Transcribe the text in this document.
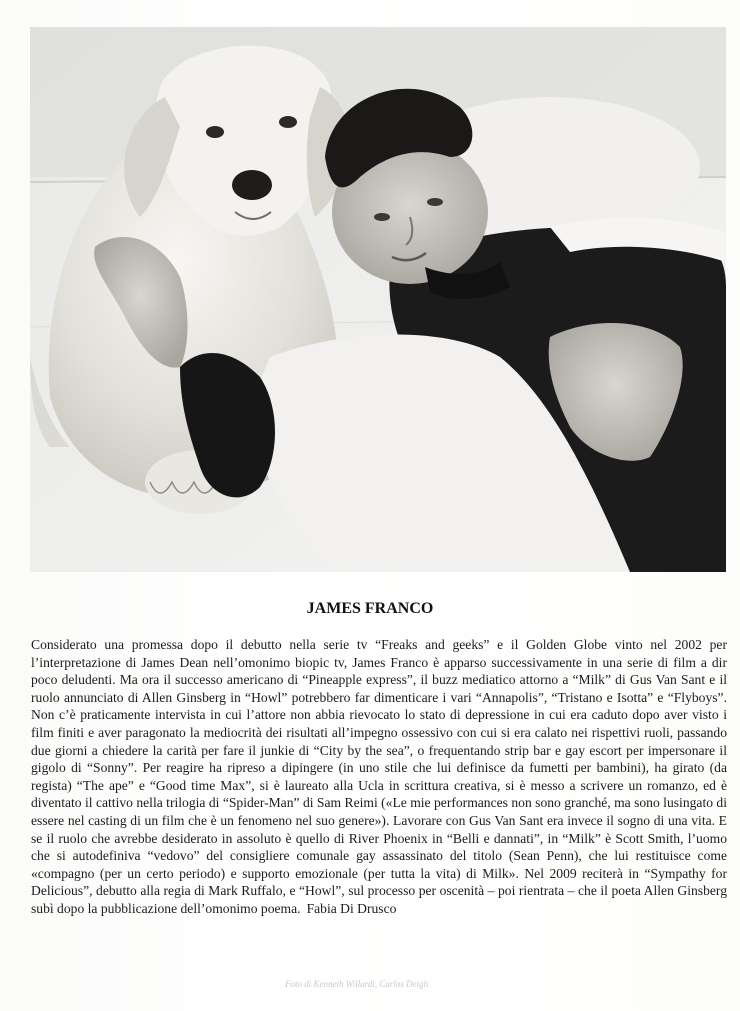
JAMES FRANCO

Considerato una promessa dopo il debutto nella serie tv “Freaks and geeks” e il Golden Globe vinto nel 2002 per l’interpretazione di James Dean nell’omonimo biopic tv, James Franco è apparso successivamente in una serie di film a dir poco deludenti. Ma ora il successo americano di “Pineapple express”, il buzz mediatico attorno a “Milk” di Gus Van Sant e il ruolo annunciato di Allen Ginsberg in “Howl” potrebbero far dimenticare i vari “Annapolis”, “Tristano e Isotta” e “Flyboys”. Non c’è praticamente intervista in cui l’attore non abbia rievocato lo stato di depressione in cui era caduto dopo aver visto i film finiti e aver paragonato la mediocrità dei risultati all’impegno ossessivo con cui si era calato nei rispettivi ruoli, passando due giorni a chiedere la carità per fare il junkie di “City by the sea”, o frequentando strip bar e gay escort per impersonare il gigolo di “Sonny”. Per reagire ha ripreso a dipingere (in uno stile che lui definisce da fumetti per bambini), ha girato (da regista) “The ape” e “Good time Max”, si è laureato alla Ucla in scrittura creativa, si è messo a scrivere un romanzo, ed è diventato il cattivo nella trilogia di “Spider-Man” di Sam Reimi («Le mie performances non sono granché, ma sono lusingato di essere nel casting di un film che è un fenomeno nel suo genere»). Lavorare con Gus Van Sant era invece il sogno di una vita. E se il ruolo che avrebbe desiderato in assoluto è quello di River Phoenix in “Belli e dannati”, in “Milk” è Scott Smith, l’uomo che si autodefiniva “vedovo” del consigliere comunale gay assassinato del titolo (Sean Penn), che lui restituisce come «compagno (per un certo periodo) e supporto emozionale (per tutta la vita) di Milk». Nel 2009 reciterà in “Sympathy for Delicious”, debutto alla regia di Mark Ruffalo, e “Howl”, sul processo per oscenità – poi rientrata – che il poeta Allen Ginsberg subì dopo la pubblicazione dell’omonimo poema. Fabia Di Drusco

Foto di Kenneth Willardt, Carlos Deigh
